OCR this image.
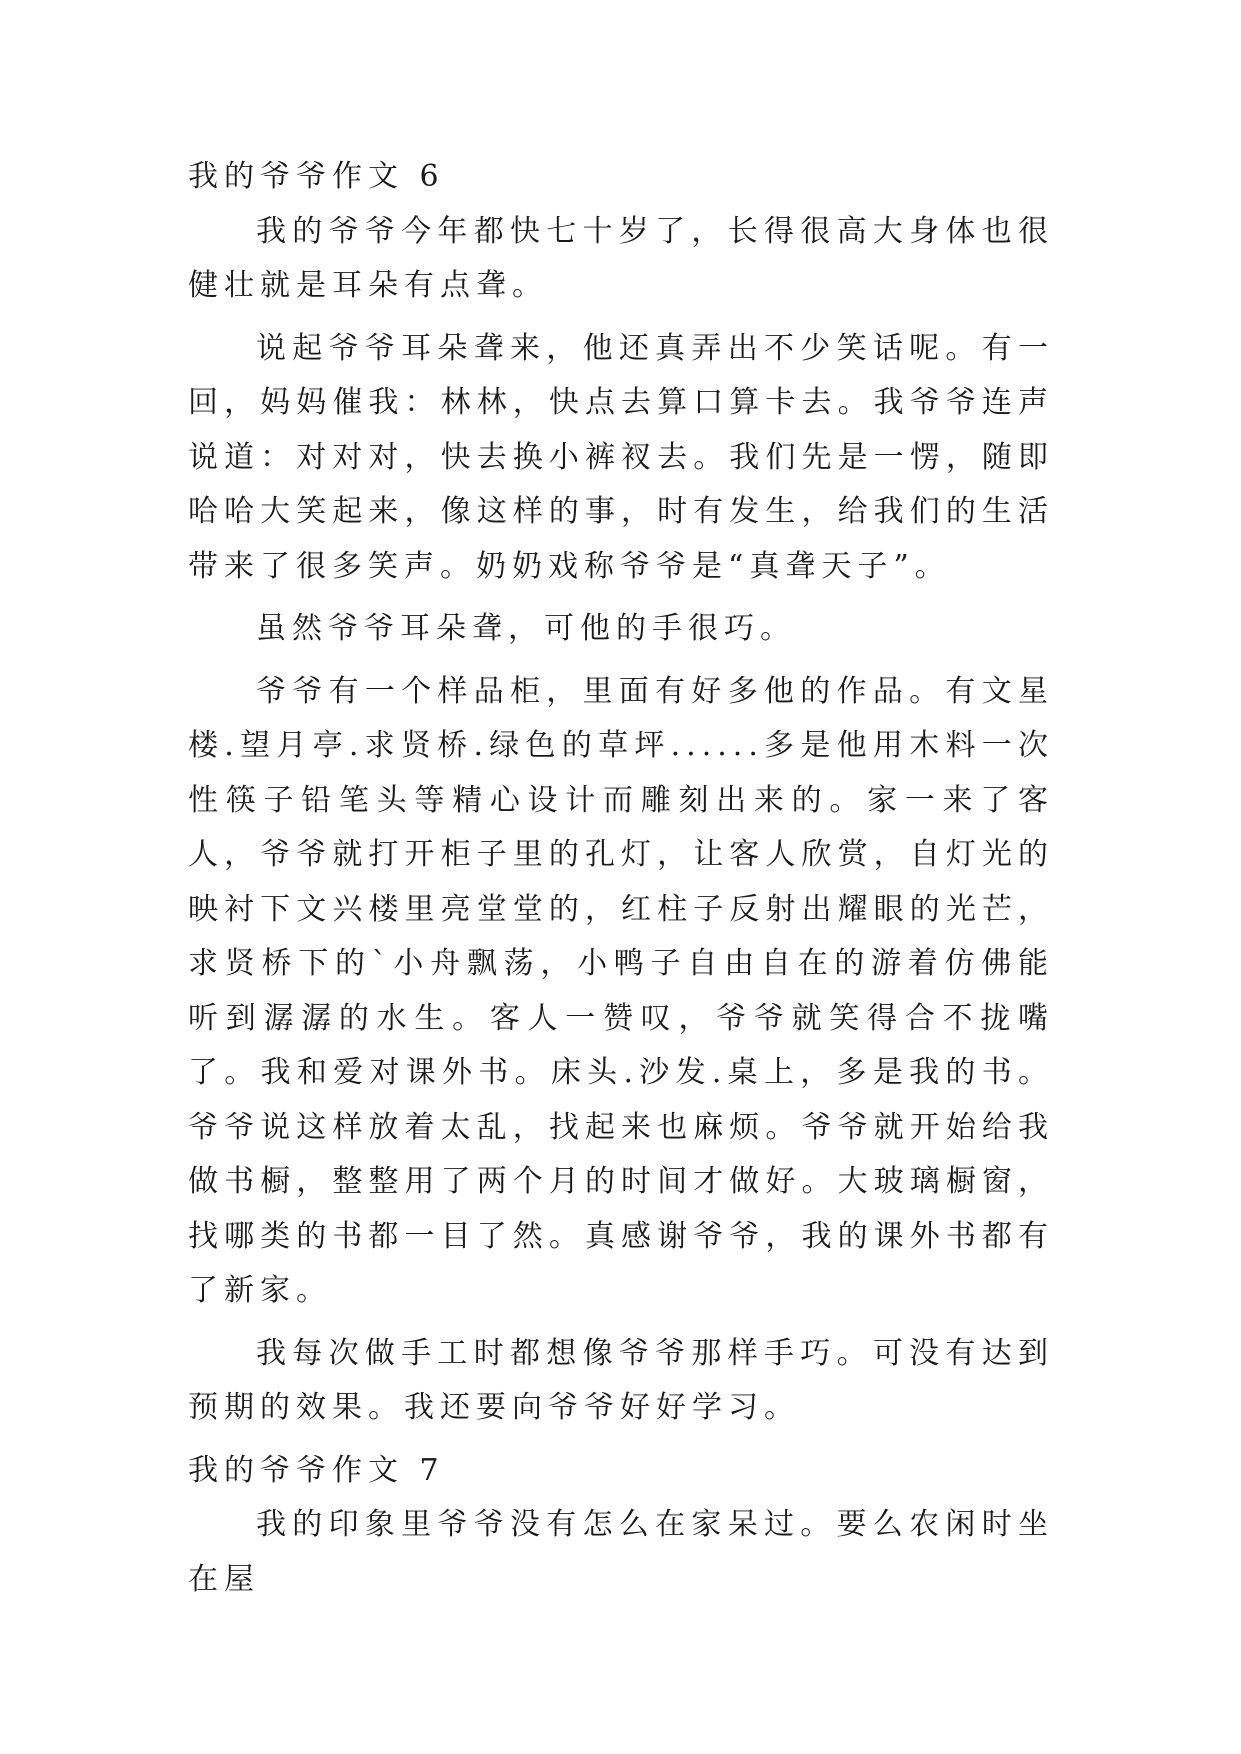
我的爷爷作文 6

我的爷爷今年都快七十岁了，长得很高大身体也很健壮就是耳朵有点聋。

说起爷爷耳朵聋来，他还真弄出不少笑话呢。有一回，妈妈催我：林林，快点去算口算卡去。我爷爷连声说道：对对对，快去换小裤衩去。我们先是一愣，随即哈哈大笑起来，像这样的事，时有发生，给我们的生活带来了很多笑声。奶奶戏称爷爷是“真聋天子”。

虽然爷爷耳朵聋，可他的手很巧。

爷爷有一个样品柜，里面有好多他的作品。有文星楼.望月亭.求贤桥.绿色的草坪......多是他用木料一次性筷子铅笔头等精心设计而雕刻出来的。家一来了客人，爷爷就打开柜子里的孔灯，让客人欣赏，自灯光的映衬下文兴楼里亮堂堂的，红柱子反射出耀眼的光芒，求贤桥下的`小舟飘荡，小鸭子自由自在的游着仿佛能听到潺潺的水生。客人一赞叹，爷爷就笑得合不拢嘴了。我和爱对课外书。床头.沙发.桌上，多是我的书。爷爷说这样放着太乱，找起来也麻烦。爷爷就开始给我做书橱，整整用了两个月的时间才做好。大玻璃橱窗，找哪类的书都一目了然。真感谢爷爷，我的课外书都有了新家。

我每次做手工时都想像爷爷那样手巧。可没有达到预期的效果。我还要向爷爷好好学习。

我的爷爷作文 7

我的印象里爷爷没有怎么在家呆过。要么农闲时坐在屋
